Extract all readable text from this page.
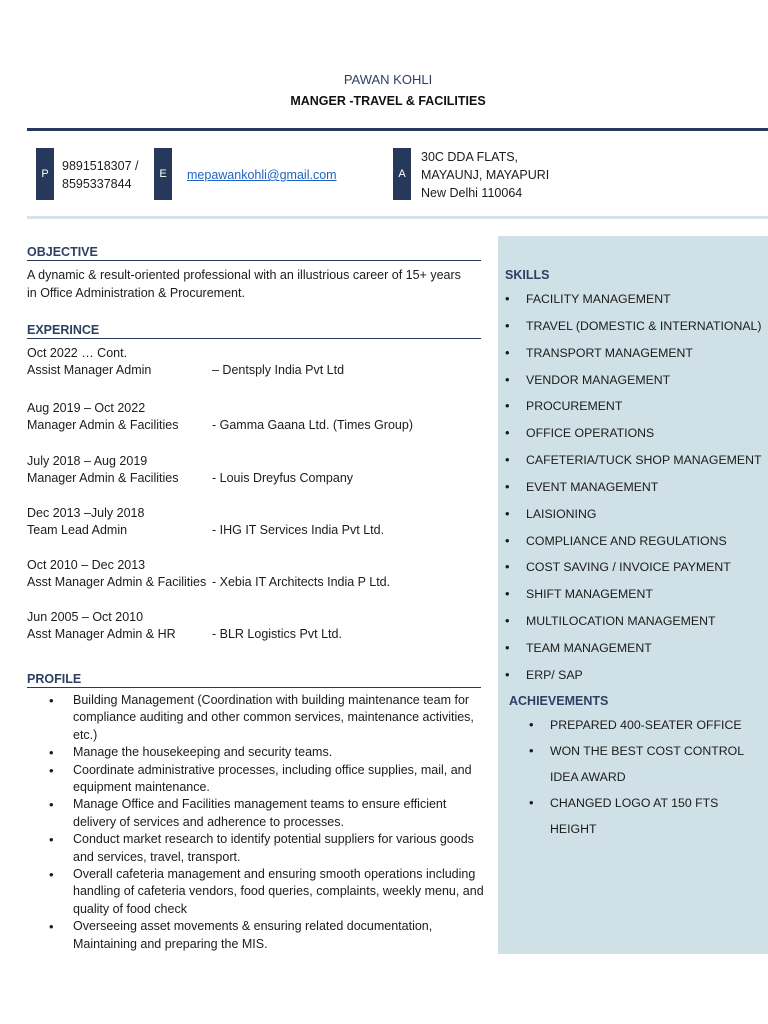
PAWAN KOHLI
MANGER -TRAVEL & FACILITIES
P
9891518307 /
8595337844
E	mepawankohli@gmail.com	A
30C DDA FLATS,
MAYAUNJ, MAYAPURI
New Delhi 110064
OBJECTIVE
A dynamic & result-oriented professional with an illustrious career of 15+ years
in Office Administration & Procurement.
EXPERINCE
Oct 2022 … Cont.
Assist Manager Admin	– Dentsply India Pvt Ltd
Aug 2019 – Oct 2022
Manager Admin & Facilities	- Gamma Gaana Ltd. (Times Group)
July 2018 – Aug 2019
Manager Admin & Facilities	- Louis Dreyfus Company
Dec 2013 –July 2018
Team Lead Admin	- IHG IT Services India Pvt Ltd.
Oct 2010 – Dec 2013
Asst Manager Admin & Facilities - Xebia IT Architects India P Ltd.
Jun 2005 – Oct 2010
Asst Manager Admin & HR	- BLR Logistics Pvt Ltd.
PROFILE
• Building Management (Coordination with building maintenance team for compliance auditing and other common services, maintenance activities, etc.)
• Manage the housekeeping and security teams.
• Coordinate administrative processes, including office supplies, mail, and equipment maintenance.
• Manage Office and Facilities management teams to ensure efficient delivery of services and adherence to processes.
• Conduct market research to identify potential suppliers for various goods and services, travel, transport.
• Overall cafeteria management and ensuring smooth operations including handling of cafeteria vendors, food queries, complaints, weekly menu, and quality of food check
• Overseeing asset movements & ensuring related documentation, Maintaining and preparing the MIS.
SKILLS
• FACILITY MANAGEMENT
• TRAVEL (DOMESTIC & INTERNATIONAL)
• TRANSPORT MANAGEMENT
• VENDOR MANAGEMENT
• PROCUREMENT
• OFFICE OPERATIONS
• CAFETERIA/TUCK SHOP MANAGEMENT
• EVENT MANAGEMENT
• LAISIONING
• COMPLIANCE AND REGULATIONS
• COST SAVING / INVOICE PAYMENT
• SHIFT MANAGEMENT
• MULTILOCATION MANAGEMENT
• TEAM MANAGEMENT
• ERP/ SAP
ACHIEVEMENTS
• PREPARED 400-SEATER OFFICE
• WON THE BEST COST CONTROL IDEA AWARD
• CHANGED LOGO AT 150 FTS HEIGHT
